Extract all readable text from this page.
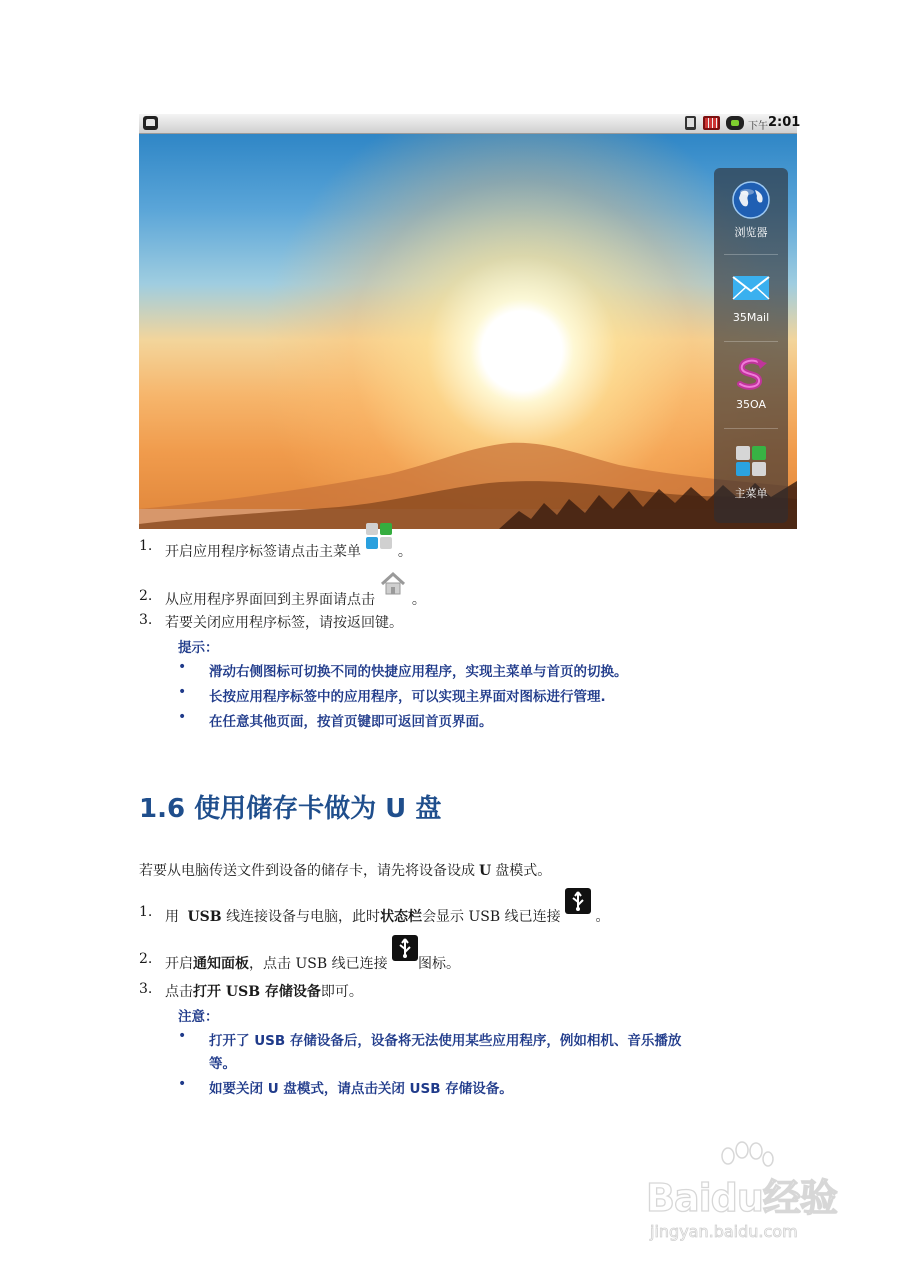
下午 2:01
浏览器
35Mail
35OA
主菜单
1. 开启应用程序标签请点击主菜单	。
2. 从应用程序界面回到主界面请点击	。
3. 若要关闭应用程序标签，请按返回键。
提示：
• 滑动右侧图标可切换不同的快捷应用程序，实现主菜单与首页的切换。
• 长按应用程序标签中的应用程序，可以实现主界面对图标进行管理.
• 在任意其他页面，按首页键即可返回首页界面。
1.6 使用储存卡做为 U 盘
若要从电脑传送文件到设备的储存卡，请先将设备设成 U 盘模式。
1. 用 USB 线连接设备与电脑，此时状态栏会显示 USB 线已连接 。
2. 开启通知面板，点击 USB 线已连接 图标。
3. 点击打开 USB 存储设备即可。
注意：
• 打开了 USB 存储设备后，设备将无法使用某些应用程序，例如相机、音乐播放
等。
• 如要关闭 U 盘模式，请点击关闭 USB 存储设备。
Baidu经验
jingyan.baidu.com
